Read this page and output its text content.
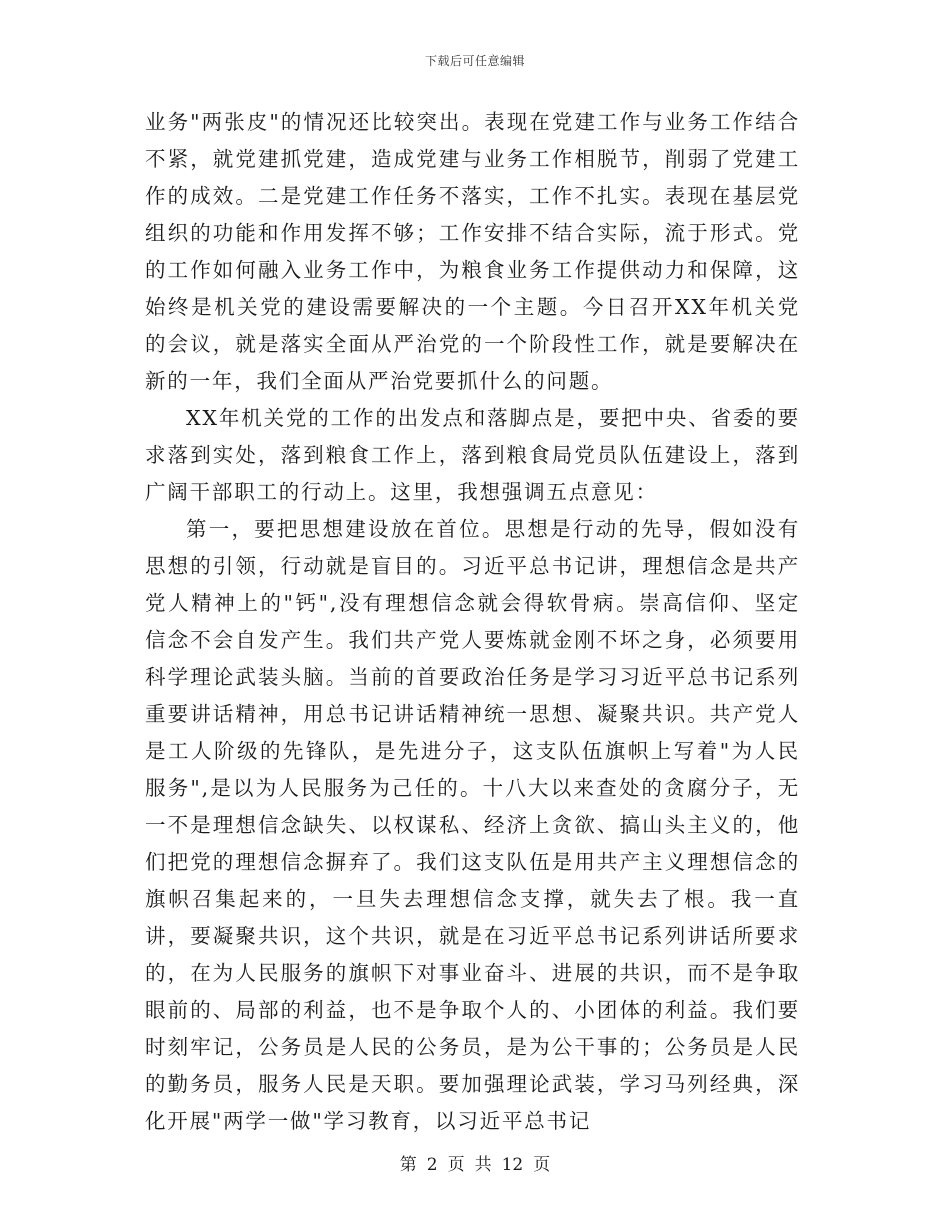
下载后可任意编辑

业务"两张皮"的情况还比较突出。表现在党建工作与业务工作结合不紧，就党建抓党建，造成党建与业务工作相脱节，削弱了党建工作的成效。二是党建工作任务不落实，工作不扎实。表现在基层党组织的功能和作用发挥不够；工作安排不结合实际，流于形式。党的工作如何融入业务工作中，为粮食业务工作提供动力和保障，这始终是机关党的建设需要解决的一个主题。今日召开XX年机关党的会议，就是落实全面从严治党的一个阶段性工作，就是要解决在新的一年，我们全面从严治党要抓什么的问题。

XX年机关党的工作的出发点和落脚点是，要把中央、省委的要求落到实处，落到粮食工作上，落到粮食局党员队伍建设上，落到广阔干部职工的行动上。这里，我想强调五点意见：

第一，要把思想建设放在首位。思想是行动的先导，假如没有思想的引领，行动就是盲目的。习近平总书记讲，理想信念是共产党人精神上的"钙",没有理想信念就会得软骨病。崇高信仰、坚定信念不会自发产生。我们共产党人要炼就金刚不坏之身，必须要用科学理论武装头脑。当前的首要政治任务是学习习近平总书记系列重要讲话精神，用总书记讲话精神统一思想、凝聚共识。共产党人是工人阶级的先锋队，是先进分子，这支队伍旗帜上写着"为人民服务",是以为人民服务为己任的。十八大以来查处的贪腐分子，无一不是理想信念缺失、以权谋私、经济上贪欲、搞山头主义的，他们把党的理想信念摒弃了。我们这支队伍是用共产主义理想信念的旗帜召集起来的，一旦失去理想信念支撑，就失去了根。我一直讲，要凝聚共识，这个共识，就是在习近平总书记系列讲话所要求的，在为人民服务的旗帜下对事业奋斗、进展的共识，而不是争取眼前的、局部的利益，也不是争取个人的、小团体的利益。我们要时刻牢记，公务员是人民的公务员，是为公干事的；公务员是人民的勤务员，服务人民是天职。要加强理论武装，学习马列经典，深化开展"两学一做"学习教育，以习近平总书记

第 2 页 共 12 页
